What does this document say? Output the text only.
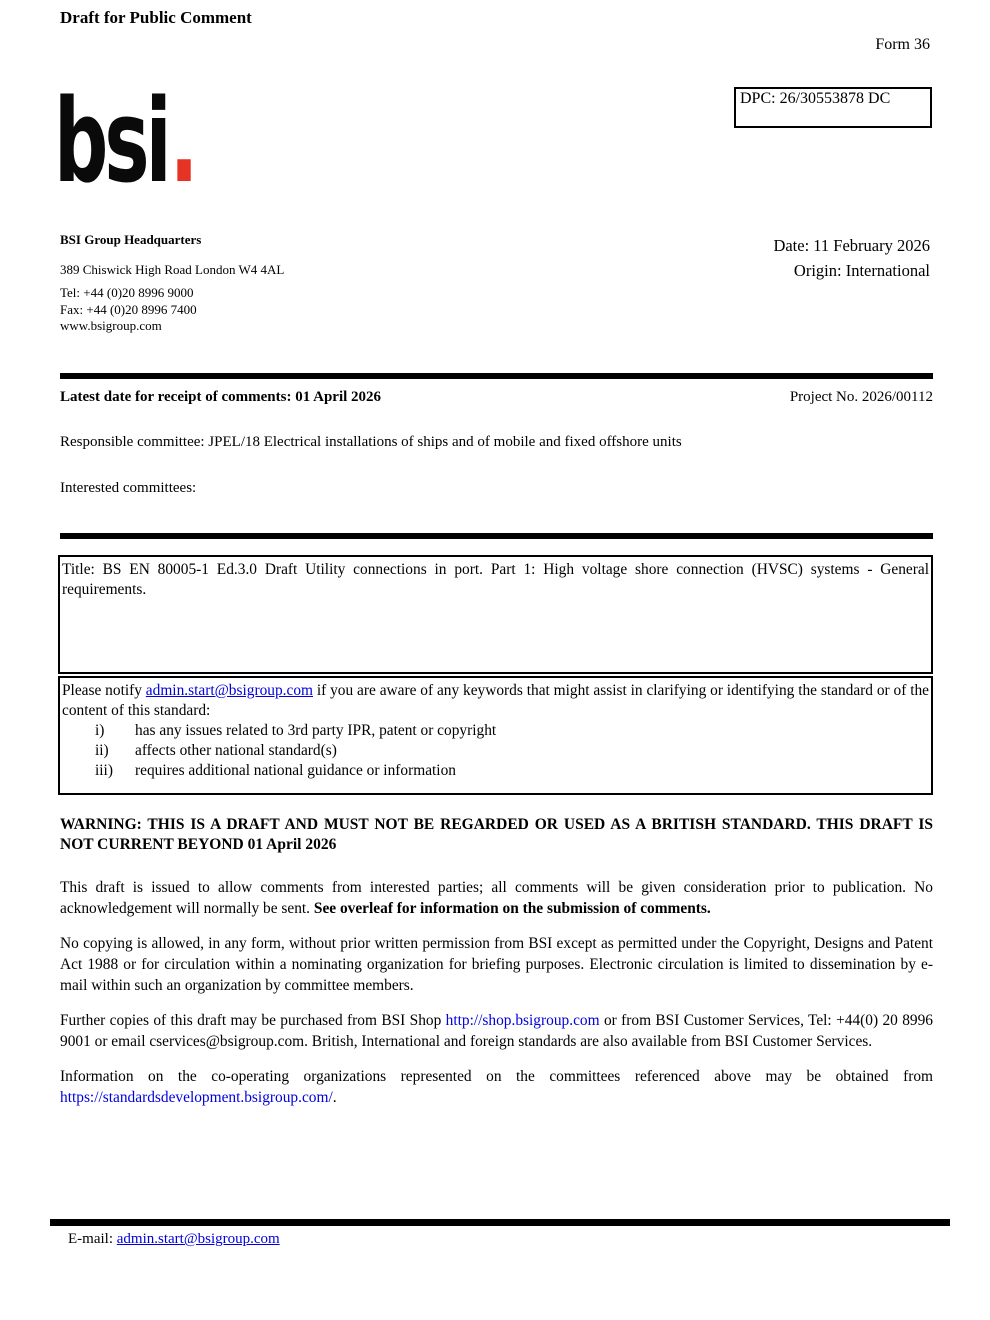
Draft for Public Comment
Form 36
DPC: 26/30553878 DC
bsi.
BSI Group Headquarters
389 Chiswick High Road London W4 4AL
Tel: +44 (0)20 8996 9000
Fax: +44 (0)20 8996 7400
www.bsigroup.com
Date: 11 February 2026
Origin: International
Latest date for receipt of comments: 01 April 2026	Project No. 2026/00112
Responsible committee: JPEL/18 Electrical installations of ships and of mobile and fixed offshore units
Interested committees:
Title: BS EN 80005-1 Ed.3.0 Draft Utility connections in port. Part 1: High voltage shore connection (HVSC) systems - General requirements.
Please notify admin.start@bsigroup.com if you are aware of any keywords that might assist in clarifying or identifying the standard or of the content of this standard:
i)	has any issues related to 3rd party IPR, patent or copyright
ii)	affects other national standard(s)
iii)	requires additional national guidance or information
WARNING: THIS IS A DRAFT AND MUST NOT BE REGARDED OR USED AS A BRITISH STANDARD. THIS DRAFT IS NOT CURRENT BEYOND 01 April 2026

This draft is issued to allow comments from interested parties; all comments will be given consideration prior to publication. No acknowledgement will normally be sent. See overleaf for information on the submission of comments.

No copying is allowed, in any form, without prior written permission from BSI except as permitted under the Copyright, Designs and Patent Act 1988 or for circulation within a nominating organization for briefing purposes. Electronic circulation is limited to dissemination by e-mail within such an organization by committee members.

Further copies of this draft may be purchased from BSI Shop http://shop.bsigroup.com or from BSI Customer Services, Tel: +44(0) 20 8996 9001 or email cservices@bsigroup.com. British, International and foreign standards are also available from BSI Customer Services.

Information on the co-operating organizations represented on the committees referenced above may be obtained from https://standardsdevelopment.bsigroup.com/.

E-mail: admin.start@bsigroup.com
